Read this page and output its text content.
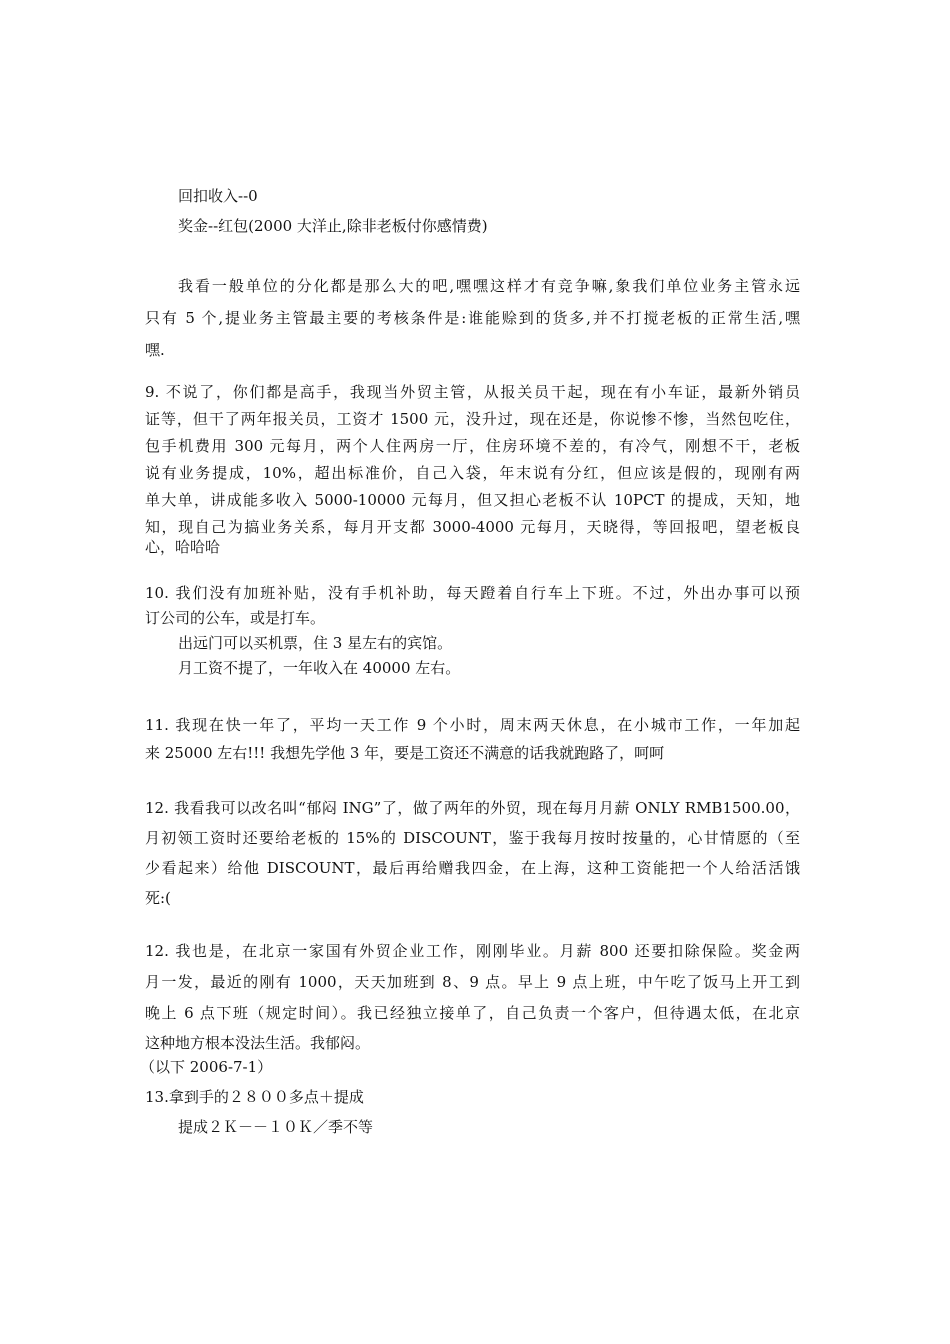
回扣收入--0
奖金--红包(2000 大洋止,除非老板付你感情费)
我看一般单位的分化都是那么大的吧,嘿嘿这样才有竞争嘛,象我们单位业务主管永远
只有 5 个,提业务主管最主要的考核条件是:谁能赊到的货多,并不打搅老板的正常生活,嘿
嘿.
9. 不说了，你们都是高手，我现当外贸主管，从报关员干起，现在有小车证，最新外销员
证等，但干了两年报关员，工资才 1500 元，没升过，现在还是，你说惨不惨，当然包吃住，
包手机费用 300 元每月，两个人住两房一厅，住房环境不差的，有冷气，刚想不干，老板
说有业务提成，10%，超出标准价，自己入袋，年末说有分红，但应该是假的，现刚有两
单大单，讲成能多收入 5000-10000 元每月，但又担心老板不认 10PCT 的提成，天知，地
知，现自己为搞业务关系，每月开支都 3000-4000 元每月，天晓得，等回报吧，望老板良
心，哈哈哈
10. 我们没有加班补贴，没有手机补助，每天蹬着自行车上下班。不过，外出办事可以预
订公司的公车，或是打车。
出远门可以买机票，住 3 星左右的宾馆。
月工资不提了，一年收入在 40000 左右。
11. 我现在快一年了，平均一天工作 9 个小时，周末两天休息，在小城市工作，一年加起
来 25000 左右!!! 我想先学他 3 年，要是工资还不满意的话我就跑路了，呵呵
12. 我看我可以改名叫“郁闷 ING”了，做了两年的外贸，现在每月月薪 ONLY RMB1500.00，
月初领工资时还要给老板的 15%的 DISCOUNT，鉴于我每月按时按量的，心甘情愿的（至
少看起来）给他 DISCOUNT，最后再给赠我四金，在上海，这种工资能把一个人给活活饿
死:(
12. 我也是，在北京一家国有外贸企业工作，刚刚毕业。月薪 800 还要扣除保险。奖金两
月一发，最近的刚有 1000，天天加班到 8、9 点。早上 9 点上班，中午吃了饭马上开工到
晚上 6 点下班（规定时间）。我已经独立接单了，自己负责一个客户，但待遇太低，在北京
这种地方根本没法生活。我郁闷。
（以下 2006-7-1）
13.拿到手的２８００多点＋提成
提成２Ｋ－－１０Ｋ／季不等
